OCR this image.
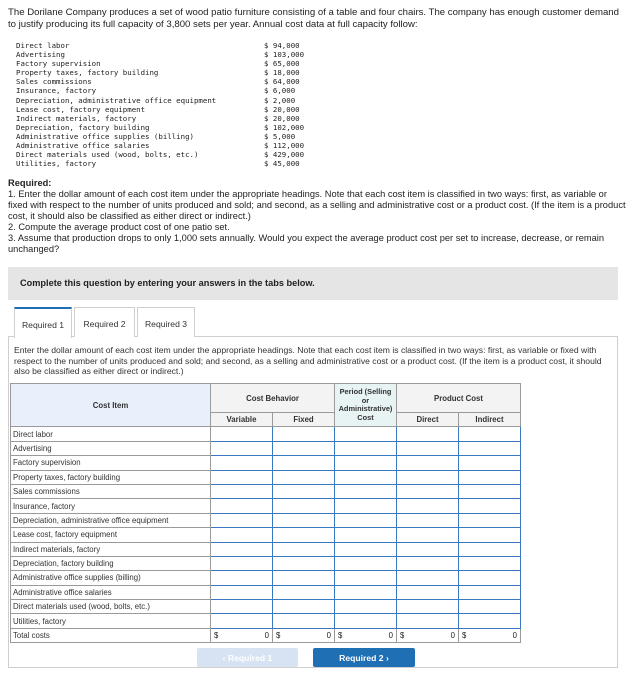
The Dorilane Company produces a set of wood patio furniture consisting of a table and four chairs. The company has enough customer demand to justify producing its full capacity of 3,800 sets per year. Annual cost data at full capacity follow:
Direct labor	$ 94,000
Advertising	$ 103,000
Factory supervision	$ 65,000
Property taxes, factory building	$ 18,000
Sales commissions	$ 64,000
Insurance, factory	$ 6,000
Depreciation, administrative office equipment	$ 2,000
Lease cost, factory equipment	$ 20,000
Indirect materials, factory	$ 20,000
Depreciation, factory building	$ 102,000
Administrative office supplies (billing)	$ 5,000
Administrative office salaries	$ 112,000
Direct materials used (wood, bolts, etc.)	$ 429,000
Utilities, factory	$ 45,000
Required:
1. Enter the dollar amount of each cost item under the appropriate headings. Note that each cost item is classified in two ways: first, as variable or fixed with respect to the number of units produced and sold; and second, as a selling and administrative cost or a product cost. (If the item is a product cost, it should also be classified as either direct or indirect.)
2. Compute the average product cost of one patio set.
3. Assume that production drops to only 1,000 sets annually. Would you expect the average product cost per set to increase, decrease, or remain unchanged?
Complete this question by entering your answers in the tabs below.
Required 1	Required 2	Required 3
Enter the dollar amount of each cost item under the appropriate headings. Note that each cost item is classified in two ways: first, as variable or fixed with respect to the number of units produced and sold; and second, as a selling and administrative cost or a product cost. (If the item is a product cost, it should also be classified as either direct or indirect.)
Cost Item	Cost Behavior		Period (Selling or Administrative) Cost	Product Cost	
	Variable	Fixed		Direct	Indirect
Direct labor	

Advertising	

Factory supervision	

Property taxes, factory building	

Sales commissions	

Insurance, factory	

Depreciation, administrative office equipment	

Lease cost, factory equipment	

Indirect materials, factory	

Depreciation, factory building	

Administrative office supplies (billing)	

Administrative office salaries	

Direct materials used (wood, bolts, etc.)	

Utilities, factory	

Total costs	$ 0	$ 0	$ 0	$ 0	$ 0
‹ Required 1	Required 2 ›
